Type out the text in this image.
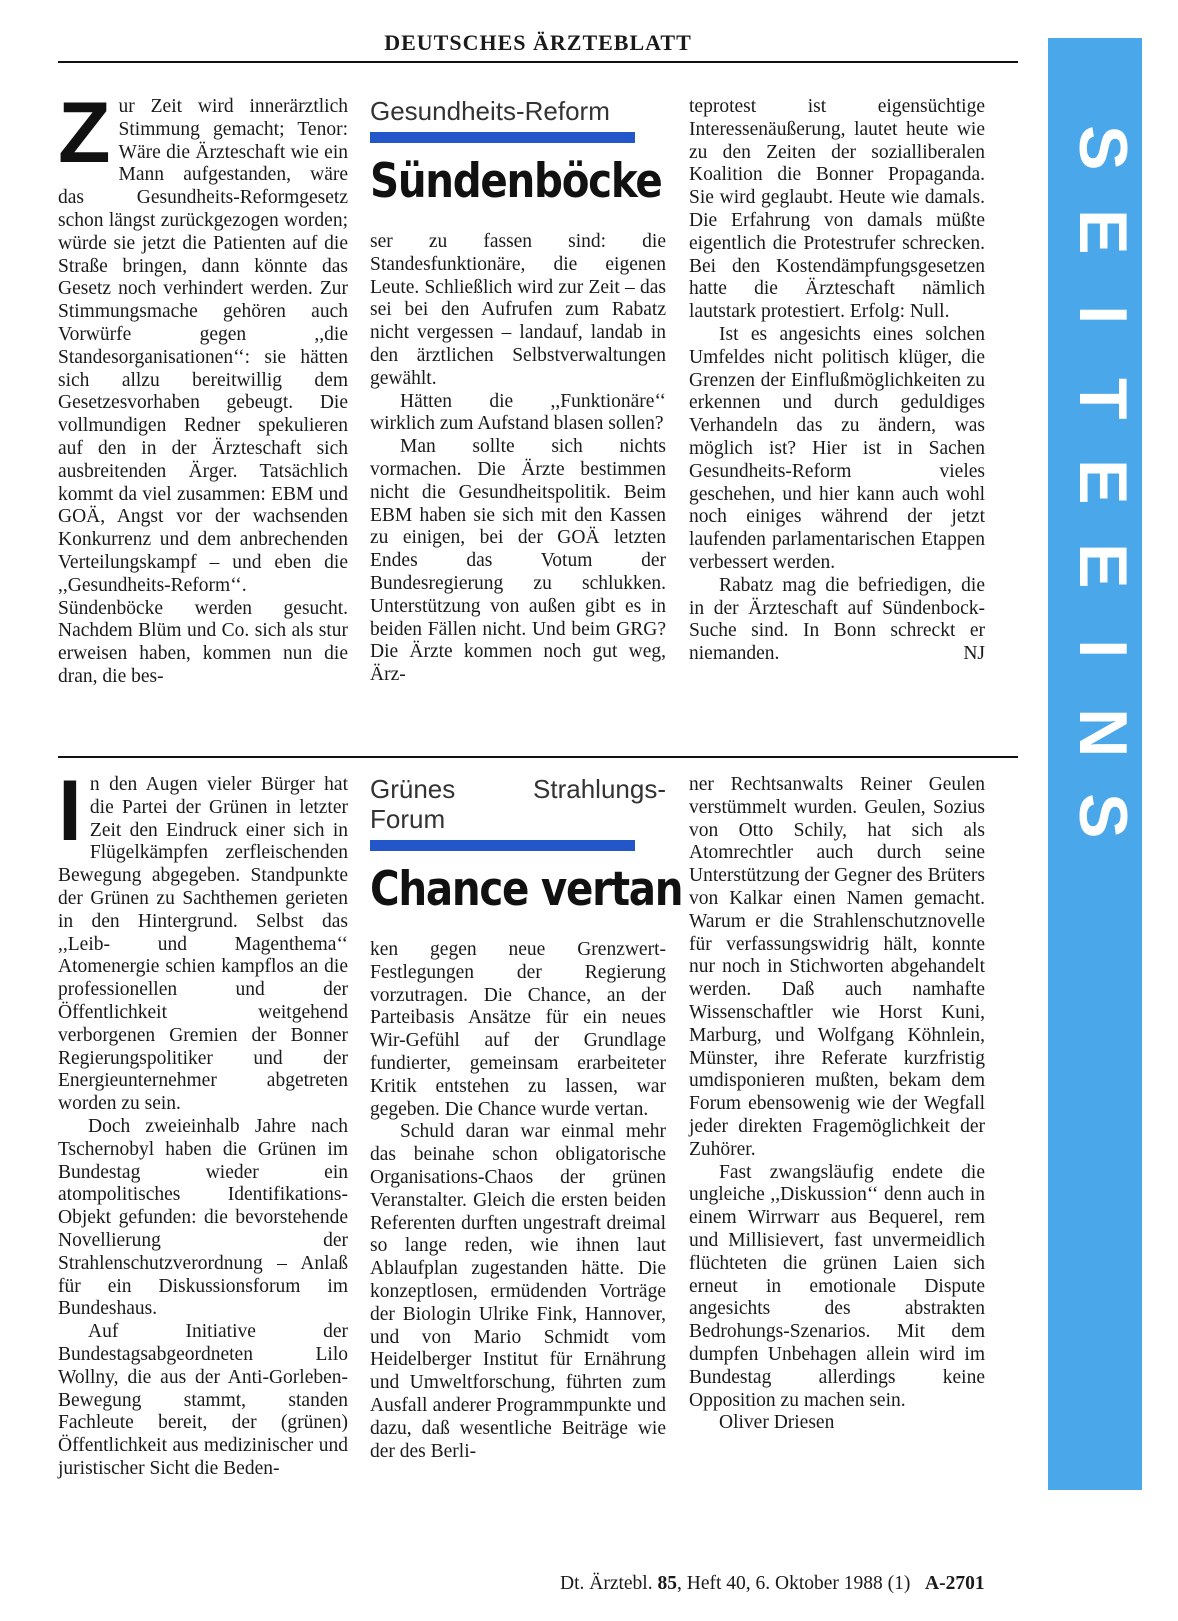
DEUTSCHES ÄRZTEBLATT

Zur Zeit wird innerärztlich Stimmung gemacht; Tenor: Wäre die Ärzteschaft wie ein Mann aufgestanden, wäre das Gesundheits-Reformgesetz schon längst zurückgezogen worden; würde sie jetzt die Patienten auf die Straße bringen, dann könnte das Gesetz noch verhindert werden. Zur Stimmungsmache gehören auch Vorwürfe gegen ,,die Standesorganisationen‘‘: sie hätten sich allzu bereitwillig dem Gesetzesvorhaben gebeugt. Die vollmundigen Redner spekulieren auf den in der Ärzteschaft sich ausbreitenden Ärger. Tatsächlich kommt da viel zusammen: EBM und GOÄ, Angst vor der wachsenden Konkurrenz und dem anbrechenden Verteilungskampf – und eben die ,,Gesundheits-Reform‘‘. Sündenböcke werden gesucht. Nachdem Blüm und Co. sich als stur erweisen haben, kommen nun die dran, die bes-

Gesundheits-Reform
Sündenböcke

ser zu fassen sind: die Standesfunktionäre, die eigenen Leute. Schließlich wird zur Zeit – das sei bei den Aufrufen zum Rabatz nicht vergessen – landauf, landab in den ärztlichen Selbstverwaltungen gewählt.

Hätten die ,,Funktionäre‘‘ wirklich zum Aufstand blasen sollen?

Man sollte sich nichts vormachen. Die Ärzte bestimmen nicht die Gesundheitspolitik. Beim EBM haben sie sich mit den Kassen zu einigen, bei der GOÄ letzten Endes das Votum der Bundesregierung zu schlukken. Unterstützung von außen gibt es in beiden Fällen nicht. Und beim GRG? Die Ärzte kommen noch gut weg, Ärz-

teprotest ist eigensüchtige Interessenäußerung, lautet heute wie zu den Zeiten der sozialliberalen Koalition die Bonner Propaganda. Sie wird geglaubt. Heute wie damals. Die Erfahrung von damals müßte eigentlich die Protestrufer schrecken. Bei den Kostendämpfungsgesetzen hatte die Ärzteschaft nämlich lautstark protestiert. Erfolg: Null.

Ist es angesichts eines solchen Umfeldes nicht politisch klüger, die Grenzen der Einflußmöglichkeiten zu erkennen und durch geduldiges Verhandeln das zu ändern, was möglich ist? Hier ist in Sachen Gesundheits-Reform vieles geschehen, und hier kann auch wohl noch einiges während der jetzt laufenden parlamentarischen Etappen verbessert werden.

Rabatz mag die befriedigen, die in der Ärzteschaft auf Sündenbock-Suche sind. In Bonn schreckt er niemanden.	NJ

In den Augen vieler Bürger hat die Partei der Grünen in letzter Zeit den Eindruck einer sich in Flügelkämpfen zerfleischenden Bewegung abgegeben. Standpunkte der Grünen zu Sachthemen gerieten in den Hintergrund. Selbst das ,,Leib- und Magenthema‘‘ Atomenergie schien kampflos an die professionellen und der Öffentlichkeit weitgehend verborgenen Gremien der Bonner Regierungspolitiker und der Energieunternehmer abgetreten worden zu sein.

Doch zweieinhalb Jahre nach Tschernobyl haben die Grünen im Bundestag wieder ein atompolitisches Identifikations-Objekt gefunden: die bevorstehende Novellierung der Strahlenschutzverordnung – Anlaß für ein Diskussionsforum im Bundeshaus.

Auf Initiative der Bundestagsabgeordneten Lilo Wollny, die aus der Anti-Gorleben-Bewegung stammt, standen Fachleute bereit, der (grünen) Öffentlichkeit aus medizinischer und juristischer Sicht die Beden-

Grünes Strahlungs-Forum
Chance vertan

ken gegen neue Grenzwert-Festlegungen der Regierung vorzutragen. Die Chance, an der Parteibasis Ansätze für ein neues Wir-Gefühl auf der Grundlage fundierter, gemeinsam erarbeiteter Kritik entstehen zu lassen, war gegeben. Die Chance wurde vertan.

Schuld daran war einmal mehr das beinahe schon obligatorische Organisations-Chaos der grünen Veranstalter. Gleich die ersten beiden Referenten durften ungestraft dreimal so lange reden, wie ihnen laut Ablaufplan zugestanden hätte. Die konzeptlosen, ermüdenden Vorträge der Biologin Ulrike Fink, Hannover, und von Mario Schmidt vom Heidelberger Institut für Ernährung und Umweltforschung, führten zum Ausfall anderer Programmpunkte und dazu, daß wesentliche Beiträge wie der des Berli-

ner Rechtsanwalts Reiner Geulen verstümmelt wurden. Geulen, Sozius von Otto Schily, hat sich als Atomrechtler auch durch seine Unterstützung der Gegner des Brüters von Kalkar einen Namen gemacht. Warum er die Strahlenschutznovelle für verfassungswidrig hält, konnte nur noch in Stichworten abgehandelt werden. Daß auch namhafte Wissenschaftler wie Horst Kuni, Marburg, und Wolfgang Köhnlein, Münster, ihre Referate kurzfristig umdisponieren mußten, bekam dem Forum ebensowenig wie der Wegfall jeder direkten Fragemöglichkeit der Zuhörer.

Fast zwangsläufig endete die ungleiche ,,Diskussion‘‘ denn auch in einem Wirrwarr aus Bequerel, rem und Millisievert, fast unvermeidlich flüchteten die grünen Laien sich erneut in emotionale Dispute angesichts des abstrakten Bedrohungs-Szenarios. Mit dem dumpfen Unbehagen allein wird im Bundestag allerdings keine Opposition zu machen sein.

Oliver Driesen

S
E
I
T
E
E
I
N
S
Dt. Ärztebl. 85, Heft 40, 6. Oktober 1988 (1) A-2701
